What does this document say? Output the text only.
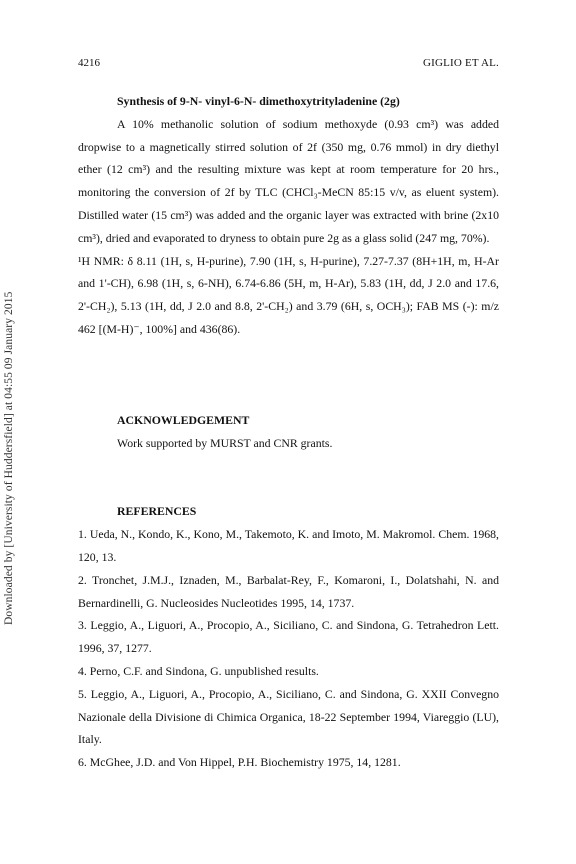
4216	GIGLIO ET AL.
Downloaded by [University of Huddersfield] at 04:55 09 January 2015

Synthesis of 9-N- vinyl-6-N- dimethoxytrityladenine (2g)

A 10% methanolic solution of sodium methoxyde (0.93 cm³) was added dropwise to a magnetically stirred solution of 2f (350 mg, 0.76 mmol) in dry diethyl ether (12 cm³) and the resulting mixture was kept at room temperature for 20 hrs., monitoring the conversion of 2f by TLC (CHCl₃-MeCN 85:15 v/v, as eluent system). Distilled water (15 cm³) was added and the organic layer was extracted with brine (2x10 cm³), dried and evaporated to dryness to obtain pure 2g as a glass solid (247 mg, 70%).

¹H NMR: δ 8.11 (1H, s, H-purine), 7.90 (1H, s, H-purine), 7.27-7.37 (8H+1H, m, H-Ar and 1'-CH), 6.98 (1H, s, 6-NH), 6.74-6.86 (5H, m, H-Ar), 5.83 (1H, dd, J 2.0 and 17.6, 2'-CH₂), 5.13 (1H, dd, J 2.0 and 8.8, 2'-CH₂) and 3.79 (6H, s, OCH₃); FAB MS (-): m/z 462 [(M-H)⁻, 100%] and 436(86).

ACKNOWLEDGEMENT

Work supported by MURST and CNR grants.

REFERENCES

1. Ueda, N., Kondo, K., Kono, M., Takemoto, K. and Imoto, M. Makromol. Chem. 1968, 120, 13.
2. Tronchet, J.M.J., Iznaden, M., Barbalat-Rey, F., Komaroni, I., Dolatshahi, N. and Bernardinelli, G. Nucleosides Nucleotides 1995, 14, 1737.
3. Leggio, A., Liguori, A., Procopio, A., Siciliano, C. and Sindona, G. Tetrahedron Lett. 1996, 37, 1277.
4. Perno, C.F. and Sindona, G. unpublished results.
5. Leggio, A., Liguori, A., Procopio, A., Siciliano, C. and Sindona, G. XXII Convegno Nazionale della Divisione di Chimica Organica, 18-22 September 1994, Viareggio (LU), Italy.
6. McGhee, J.D. and Von Hippel, P.H. Biochemistry 1975, 14, 1281.
